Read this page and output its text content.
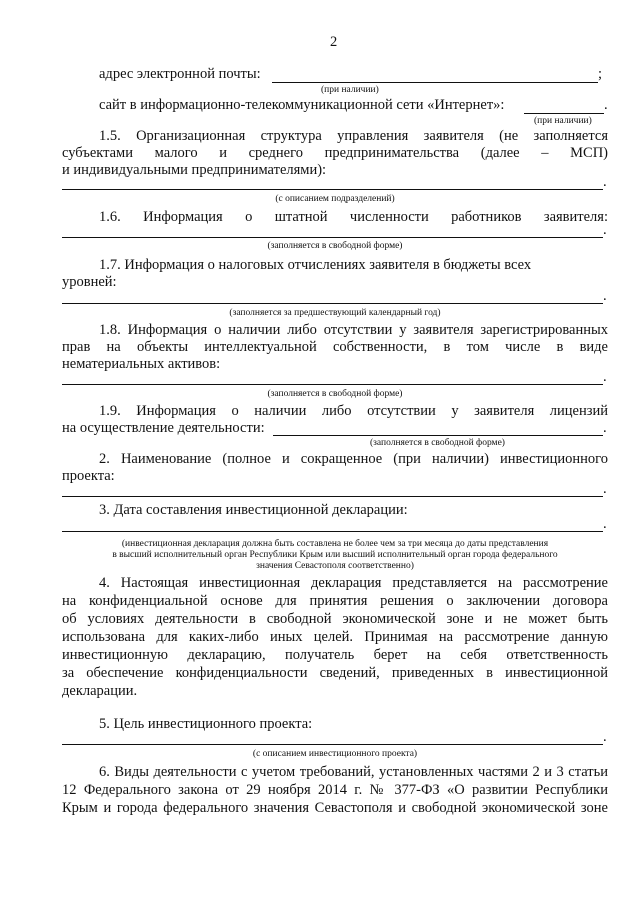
2
адрес электронной почты:	;
(при наличии)
сайт в информационно-телекоммуникационной сети «Интернет»:	.
(при наличии)
1.5. Организационная структура управления заявителя (не заполняется
субъектами малого и среднего предпринимательства (далее – МСП)
и индивидуальными предпринимателями):
.
(с описанием подразделений)
1.6. Информация о штатной численности работников заявителя:
.
(заполняется в свободной форме)
1.7. Информация о налоговых отчислениях заявителя в бюджеты всех
уровней:
.
(заполняется за предшествующий календарный год)
1.8. Информация о наличии либо отсутствии у заявителя зарегистрированных
прав на объекты интеллектуальной собственности, в том числе в виде
нематериальных активов:
.
(заполняется в свободной форме)
1.9. Информация о наличии либо отсутствии у заявителя лицензий
на осуществление деятельности:	.
(заполняется в свободной форме)
2. Наименование (полное и сокращенное (при наличии) инвестиционного
проекта:
.
3. Дата составления инвестиционной декларации:
.
(инвестиционная декларация должна быть составлена не более чем за три месяца до даты представления
в высший исполнительный орган Республики Крым или высший исполнительный орган города федерального
значения Севастополя соответственно)
4. Настоящая инвестиционная декларация представляется на рассмотрение
на конфиденциальной основе для принятия решения о заключении договора
об условиях деятельности в свободной экономической зоне и не может быть
использована для каких-либо иных целей. Принимая на рассмотрение данную
инвестиционную декларацию, получатель берет на себя ответственность
за обеспечение конфиденциальности сведений, приведенных в инвестиционной
декларации.
5. Цель инвестиционного проекта:
.
(с описанием инвестиционного проекта)
6. Виды деятельности с учетом требований, установленных частями 2 и 3 статьи
12 Федерального закона от 29 ноября 2014 г. № 377-ФЗ «О развитии Республики
Крым и города федерального значения Севастополя и свободной экономической зоне
